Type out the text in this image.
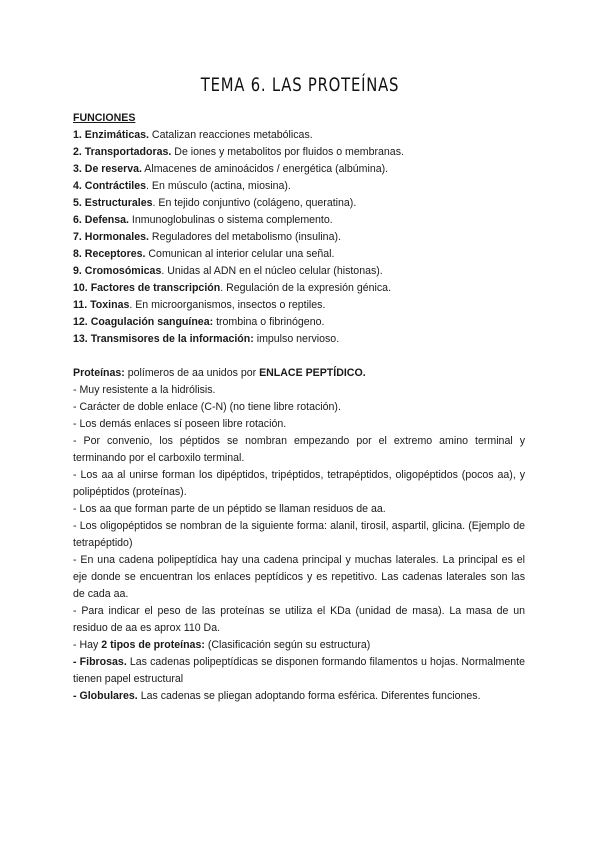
TEMA 6. LAS PROTEÍNAS
FUNCIONES
1. Enzimáticas. Catalizan reacciones metabólicas.
2. Transportadoras. De iones y metabolitos por fluidos o membranas.
3. De reserva. Almacenes de aminoácidos / energética (albúmina).
4. Contráctiles. En músculo (actina, miosina).
5. Estructurales. En tejido conjuntivo (colágeno, queratina).
6. Defensa. Inmunoglobulinas o sistema complemento.
7. Hormonales. Reguladores del metabolismo (insulina).
8. Receptores. Comunican al interior celular una señal.
9. Cromosómicas. Unidas al ADN en el núcleo celular (histonas).
10. Factores de transcripción. Regulación de la expresión génica.
11. Toxinas. En microorganismos, insectos o reptiles.
12. Coagulación sanguínea: trombina o fibrinógeno.
13. Transmisores de la información: impulso nervioso.
Proteínas: polímeros de aa unidos por ENLACE PEPTÍDICO.
- Muy resistente a la hidrólisis.
- Carácter de doble enlace (C-N) (no tiene libre rotación).
- Los demás enlaces sí poseen libre rotación.
- Por convenio, los péptidos se nombran empezando por el extremo amino terminal y terminando por el carboxilo terminal.
- Los aa al unirse forman los dipéptidos, tripéptidos, tetrapéptidos, oligopéptidos (pocos aa), y polipéptidos (proteínas).
- Los aa que forman parte de un péptido se llaman residuos de aa.
- Los oligopéptidos se nombran de la siguiente forma: alanil, tirosil, aspartil, glicina. (Ejemplo de tetrapéptido)
- En una cadena polipeptídica hay una cadena principal y muchas laterales. La principal es el eje donde se encuentran los enlaces peptídicos y es repetitivo. Las cadenas laterales son las de cada aa.
- Para indicar el peso de las proteínas se utiliza el KDa (unidad de masa). La masa de un residuo de aa es aprox 110 Da.
- Hay 2 tipos de proteínas: (Clasificación según su estructura)
- Fibrosas. Las cadenas polipeptídicas se disponen formando filamentos u hojas. Normalmente tienen papel estructural
- Globulares. Las cadenas se pliegan adoptando forma esférica. Diferentes funciones.
